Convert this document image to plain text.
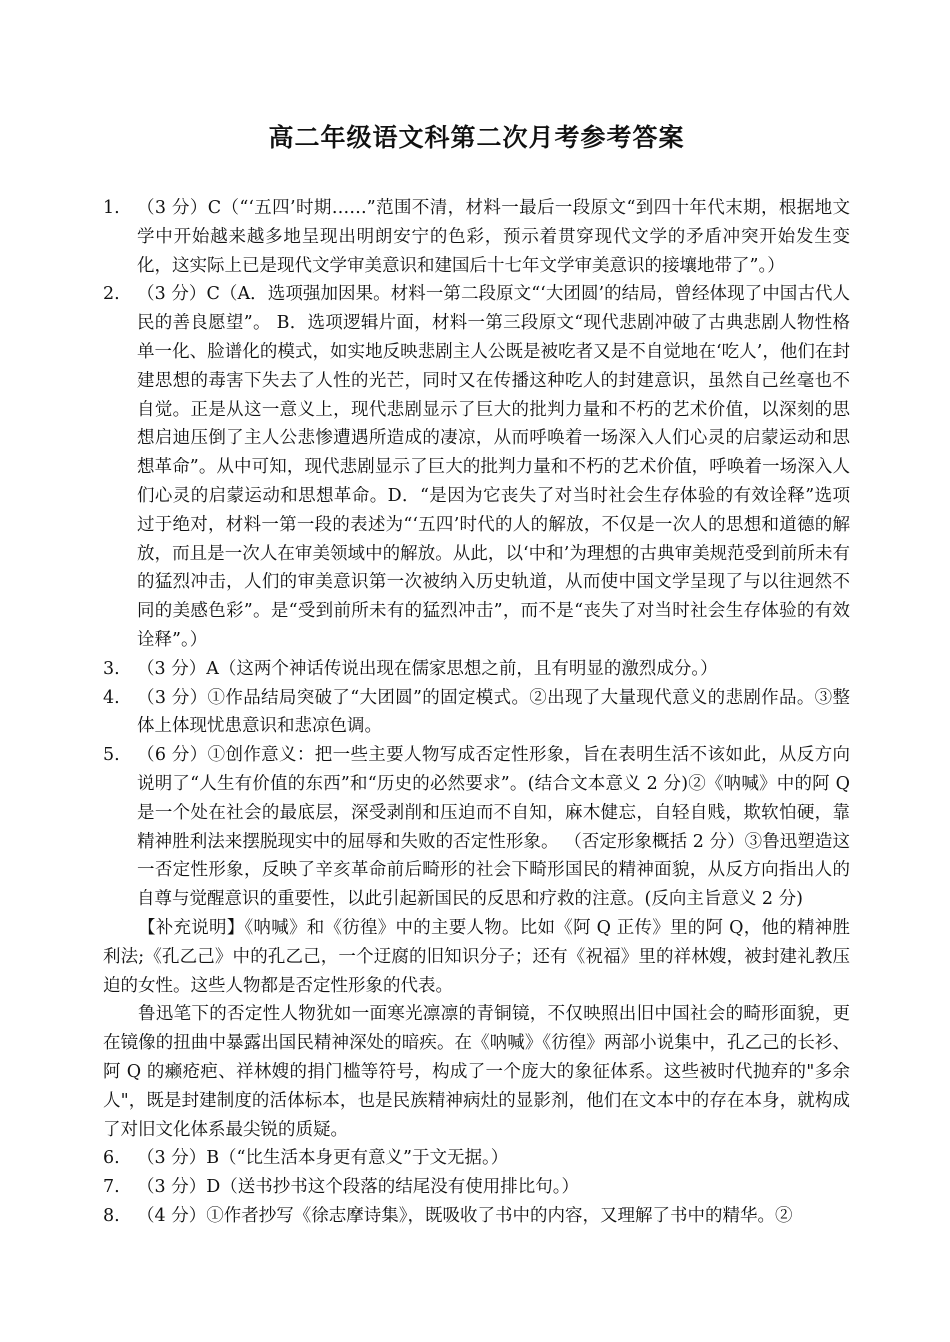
高二年级语文科第二次月考参考答案
1. （3 分）C（“‘五四’时期……”范围不清，材料一最后一段原文“到四十年代末期，根据地文学中开始越来越多地呈现出明朗安宁的色彩，预示着贯穿现代文学的矛盾冲突开始发生变化，这实际上已是现代文学审美意识和建国后十七年文学审美意识的接壤地带了”。）
2. （3 分）C（A．选项强加因果。材料一第二段原文“‘大团圆’的结局，曾经体现了中国古代人民的善良愿望”。 B．选项逻辑片面，材料一第三段原文“现代悲剧冲破了古典悲剧人物性格单一化、脸谱化的模式，如实地反映悲剧主人公既是被吃者又是不自觉地在‘吃人’，他们在封建思想的毒害下失去了人性的光芒，同时又在传播这种吃人的封建意识，虽然自己丝毫也不自觉。正是从这一意义上，现代悲剧显示了巨大的批判力量和不朽的艺术价值，以深刻的思想启迪压倒了主人公悲惨遭遇所造成的凄凉，从而呼唤着一场深入人们心灵的启蒙运动和思想革命”。从中可知，现代悲剧显示了巨大的批判力量和不朽的艺术价值，呼唤着一场深入人们心灵的启蒙运动和思想革命。D．“是因为它丧失了对当时社会生存体验的有效诠释”选项过于绝对，材料一第一段的表述为“‘五四’时代的人的解放，不仅是一次人的思想和道德的解放，而且是一次人在审美领域中的解放。从此，以‘中和’为理想的古典审美规范受到前所未有的猛烈冲击，人们的审美意识第一次被纳入历史轨道，从而使中国文学呈现了与以往迥然不同的美感色彩”。是“受到前所未有的猛烈冲击”，而不是“丧失了对当时社会生存体验的有效诠释”。）
3. （3 分）A（这两个神话传说出现在儒家思想之前，且有明显的激烈成分。）
4. （3 分）①作品结局突破了“大团圆”的固定模式。②出现了大量现代意义的悲剧作品。③整体上体现忧患意识和悲凉色调。
5. （6 分）①创作意义：把一些主要人物写成否定性形象，旨在表明生活不该如此，从反方向说明了“人生有价值的东西”和“历史的必然要求”。(结合文本意义 2 分)②《呐喊》中的阿 Q 是一个处在社会的最底层，深受剥削和压迫而不自知，麻木健忘，自轻自贱，欺软怕硬，靠精神胜利法来摆脱现实中的屈辱和失败的否定性形象。 （否定形象概括 2 分）③鲁迅塑造这一否定性形象，反映了辛亥革命前后畸形的社会下畸形国民的精神面貌，从反方向指出人的自尊与觉醒意识的重要性，以此引起新国民的反思和疗救的注意。(反向主旨意义 2 分)
【补充说明】《呐喊》和《彷徨》中的主要人物。比如《阿 Q 正传》里的阿 Q，他的精神胜利法;《孔乙己》中的孔乙己，一个迂腐的旧知识分子；还有《祝福》里的祥林嫂，被封建礼教压迫的女性。这些人物都是否定性形象的代表。
鲁迅笔下的否定性人物犹如一面寒光凛凛的青铜镜，不仅映照出旧中国社会的畸形面貌，更在镜像的扭曲中暴露出国民精神深处的暗疾。在《呐喊》《彷徨》两部小说集中，孔乙己的长衫、阿 Q 的癞疮疤、祥林嫂的捐门槛等符号，构成了一个庞大的象征体系。这些被时代抛弃的"多余人"，既是封建制度的活体标本，也是民族精神病灶的显影剂，他们在文本中的存在本身，就构成了对旧文化体系最尖锐的质疑。
6. （3 分）B（“比生活本身更有意义”于文无据。）
7. （3 分）D（送书抄书这个段落的结尾没有使用排比句。）
8. （4 分）①作者抄写《徐志摩诗集》，既吸收了书中的内容，又理解了书中的精华。②
